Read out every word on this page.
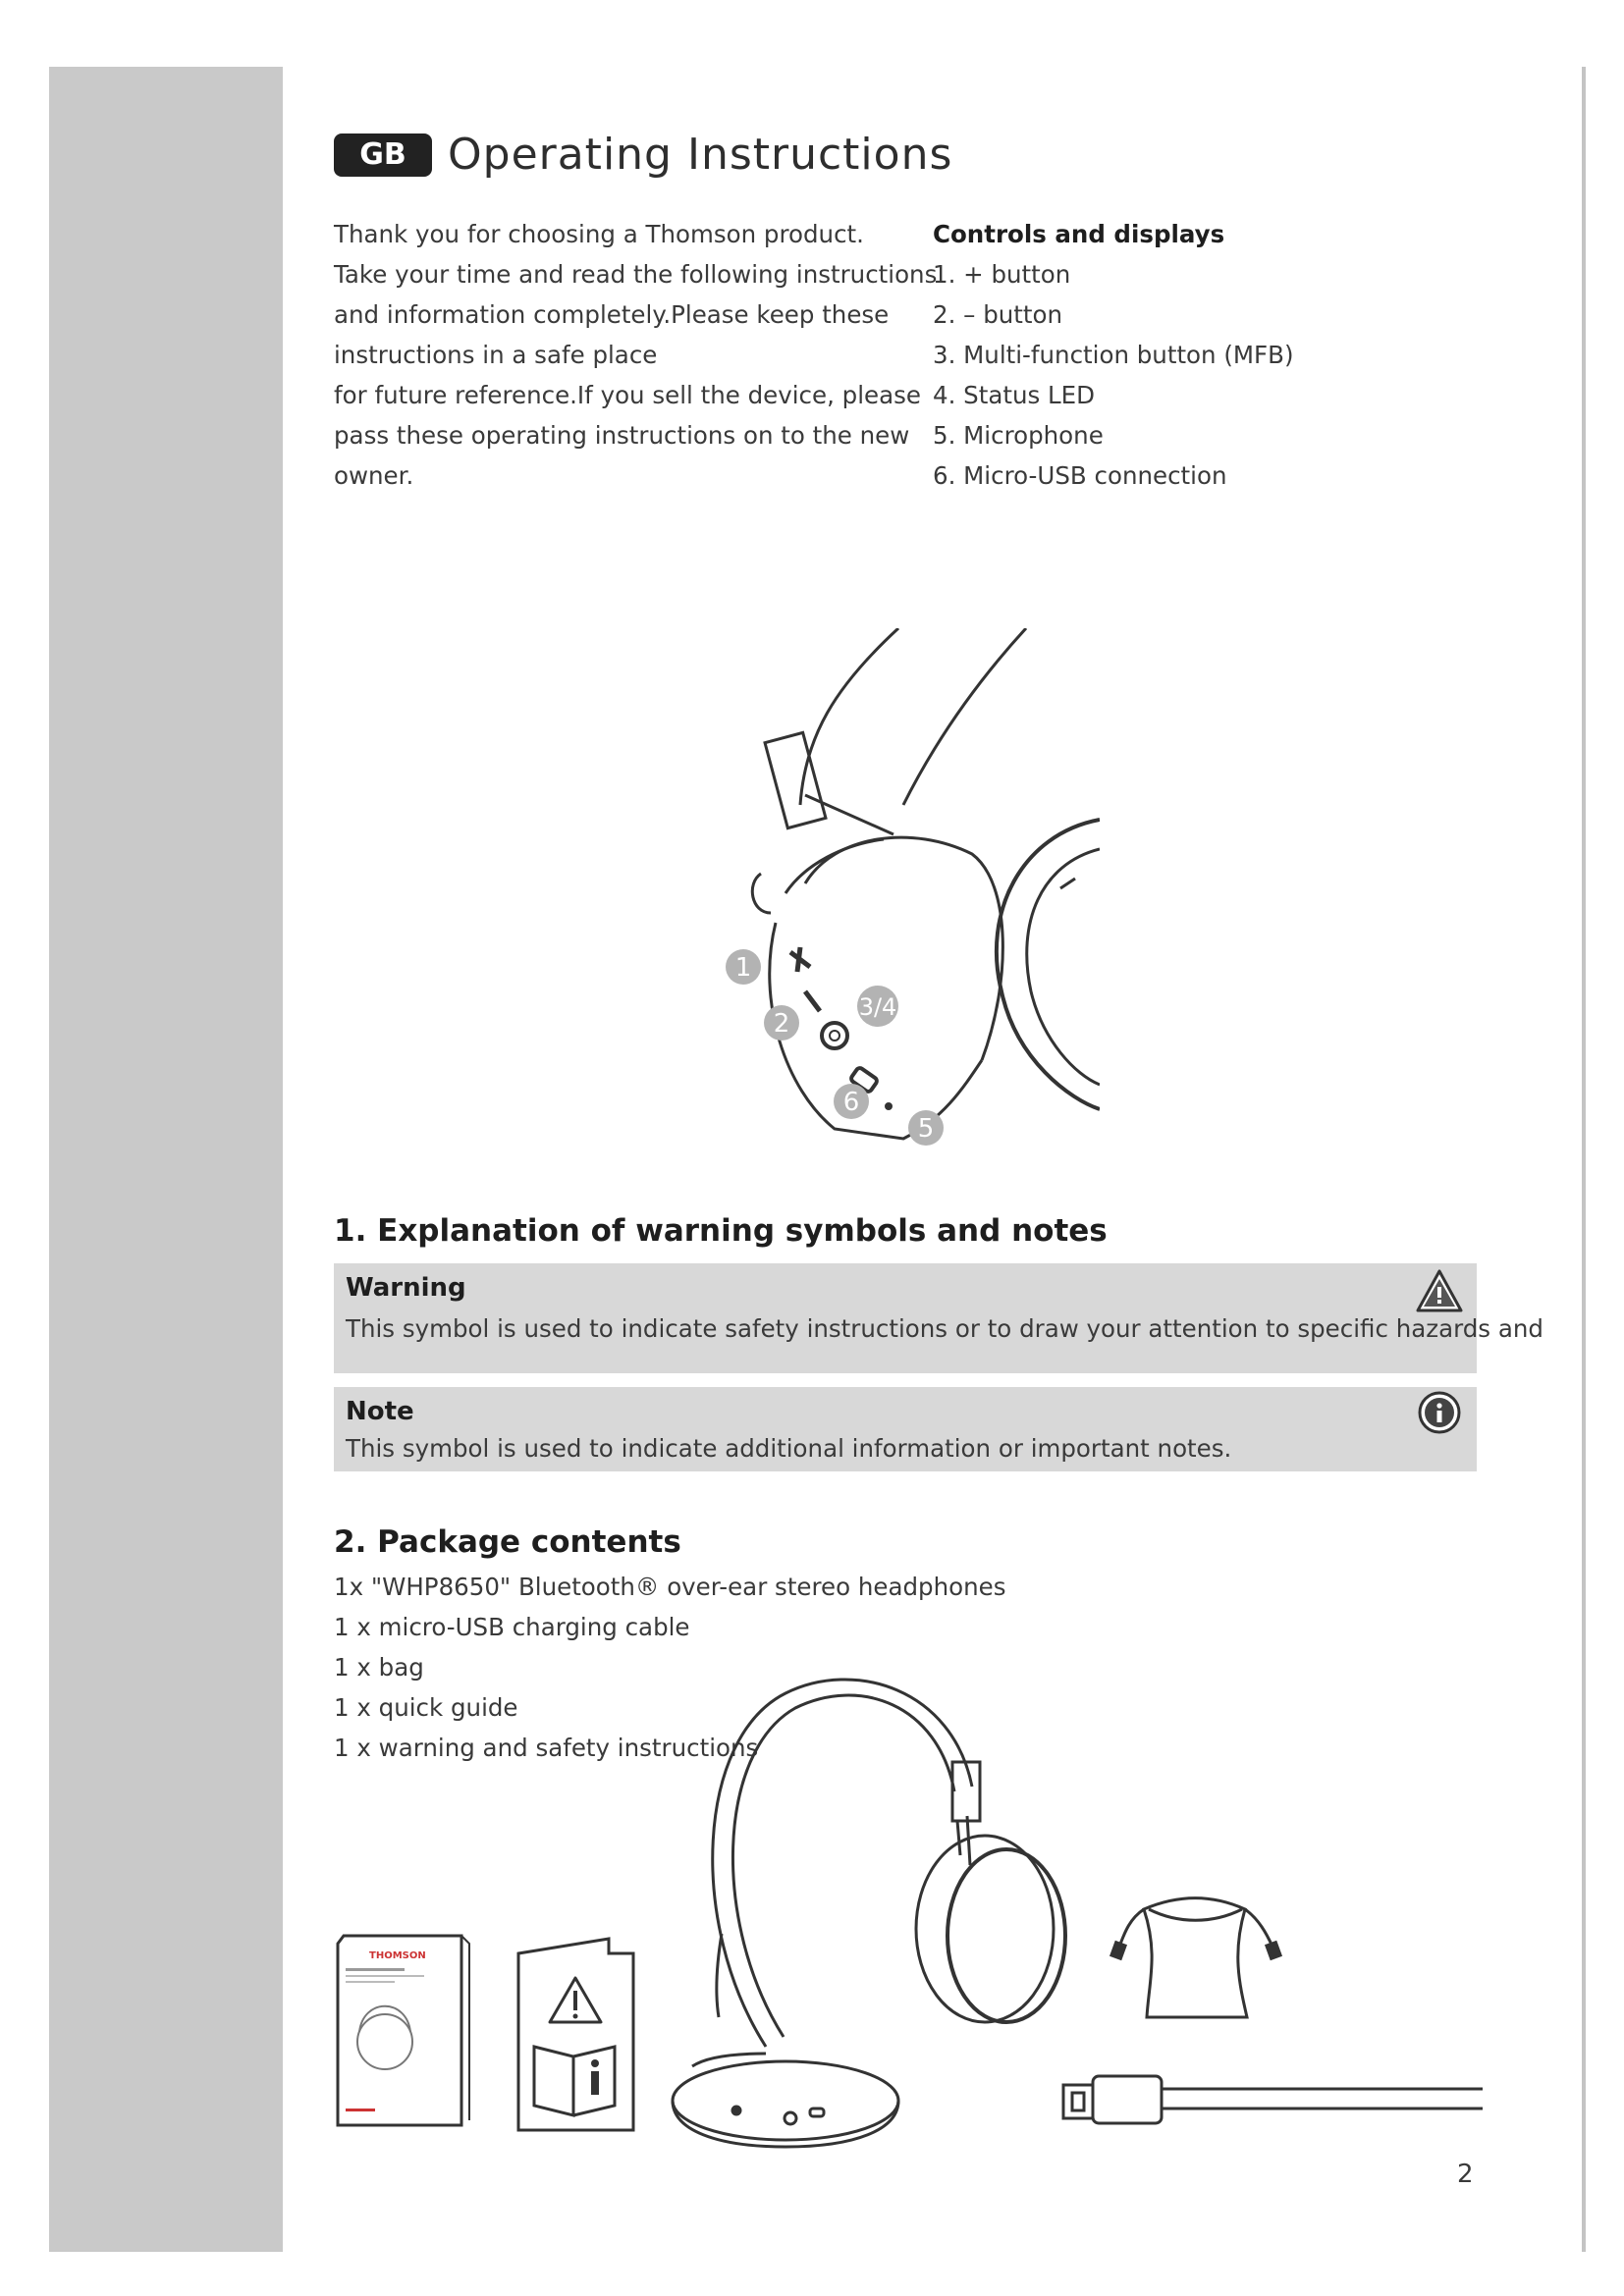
GB Operating Instructions
Thank you for choosing a Thomson product.
Take your time and read the following instructions
and information completely.Please keep these
instructions in a safe place
for future reference.If you sell the device, please
pass these operating instructions on to the new
owner.
Controls and displays
1. + button
2. – button
3. Multi-function button (MFB)
4. Status LED
5. Microphone
6. Micro-USB connection
1
2
3/4
6
5
1. Explanation of warning symbols and notes
Warning
This symbol is used to indicate safety instructions or to draw your attention to specific hazards and
Note
This symbol is used to indicate additional information or important notes.
2. Package contents
1x "WHP8650" Bluetooth® over-ear stereo headphones
1 x micro-USB charging cable
1 x bag
1 x quick guide
1 x warning and safety instructions
THOMSON
2
